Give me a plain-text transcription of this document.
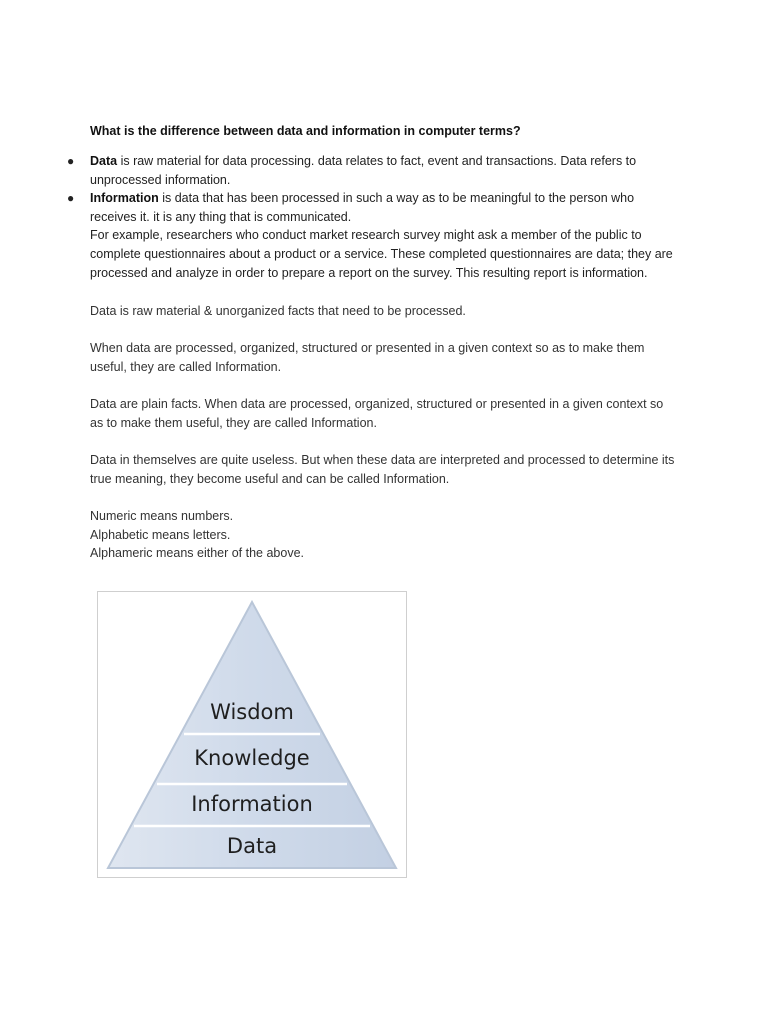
What is the difference between data and information in computer terms?
● Data is raw material for data processing. data relates to fact, event and transactions. Data refers to
unprocessed information.
● Information is data that has been processed in such a way as to be meaningful to the person who
receives it. it is any thing that is communicated.
For example, researchers who conduct market research survey might ask a member of the public to
complete questionnaires about a product or a service. These completed questionnaires are data; they are
processed and analyze in order to prepare a report on the survey. This resulting report is information.

Data is raw material & unorganized facts that need to be processed.

When data are processed, organized, structured or presented in a given context so as to make them
useful, they are called Information.

Data are plain facts. When data are processed, organized, structured or presented in a given context so
as to make them useful, they are called Information.

Data in themselves are quite useless. But when these data are interpreted and processed to determine its
true meaning, they become useful and can be called Information.

Numeric means numbers.
Alphabetic means letters.
Alphameric means either of the above.

Wisdom
Knowledge
Information
Data
